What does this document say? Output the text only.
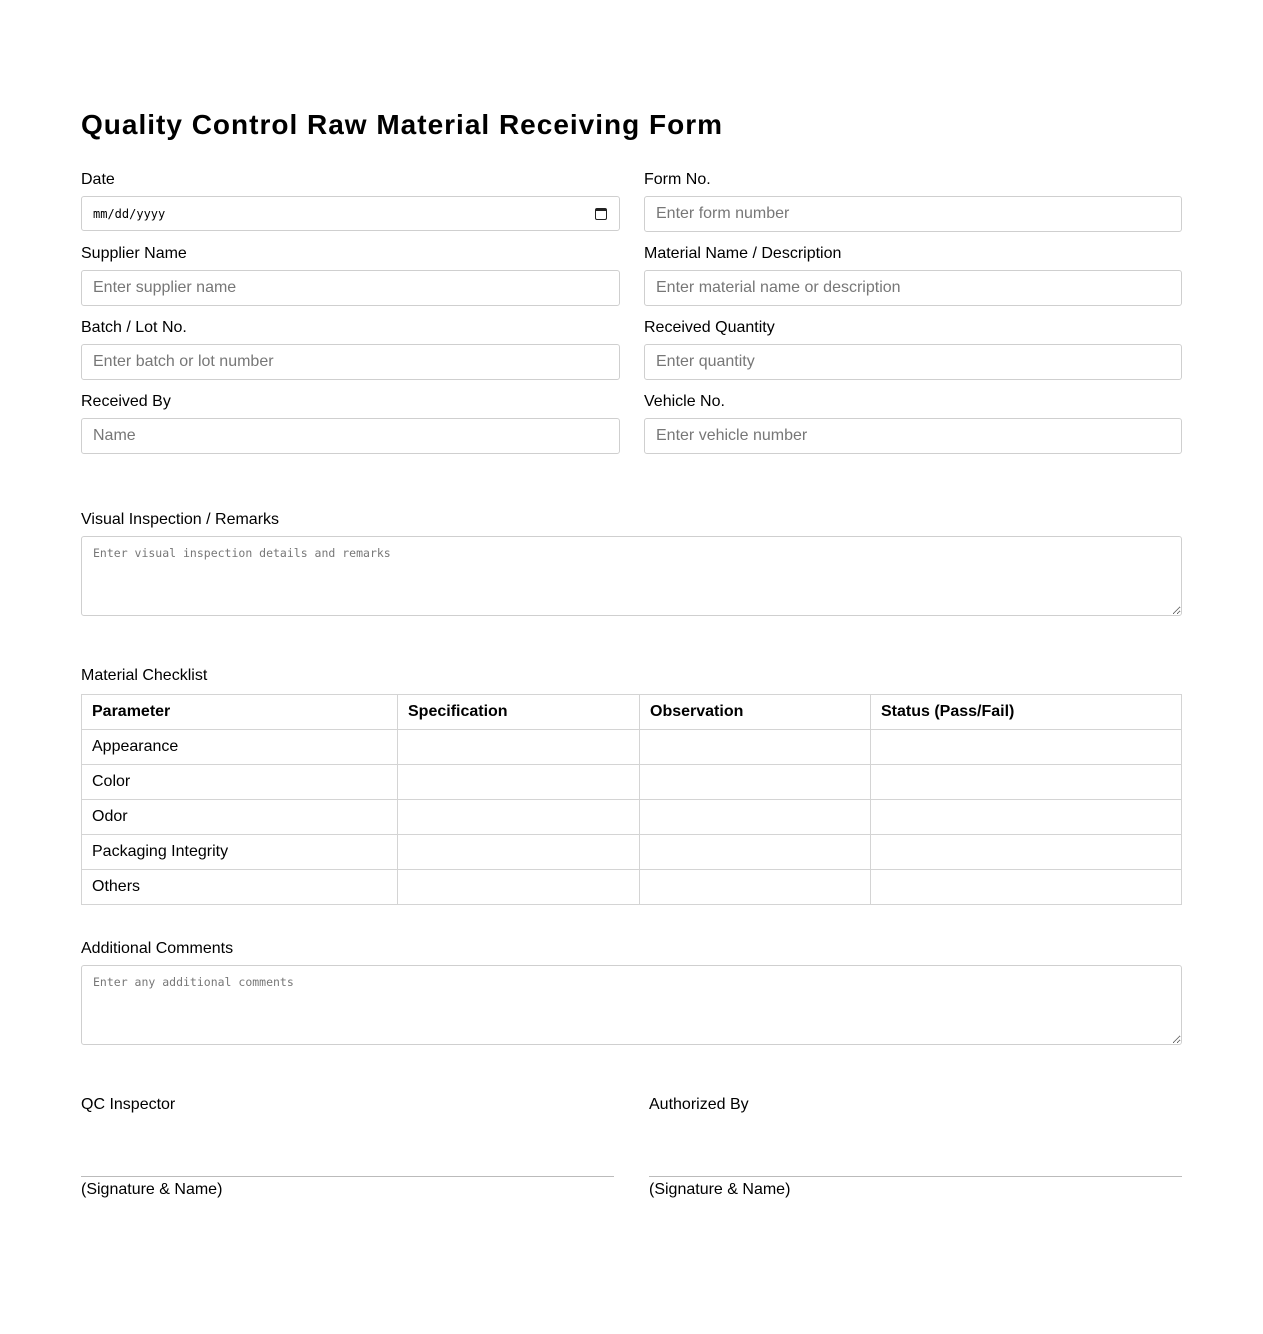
Quality Control Raw Material Receiving Form
Date
mm/dd/yyyy
Form No.
Enter form number
Supplier Name
Enter supplier name	Material Name / Description
Enter material name or description
Batch / Lot No.
Enter batch or lot number	Received Quantity
Enter quantity
Received By
Name	Vehicle No.
Enter vehicle number
Visual Inspection / Remarks
Enter visual inspection details and remarks
Material Checklist
Parameter	Specification	Observation	Status (Pass/Fail)
Appearance			
Color			
Odor			
Packaging Integrity			
Others			
Additional Comments
Enter any additional comments
QC Inspector
(Signature & Name)
Authorized By
(Signature & Name)
